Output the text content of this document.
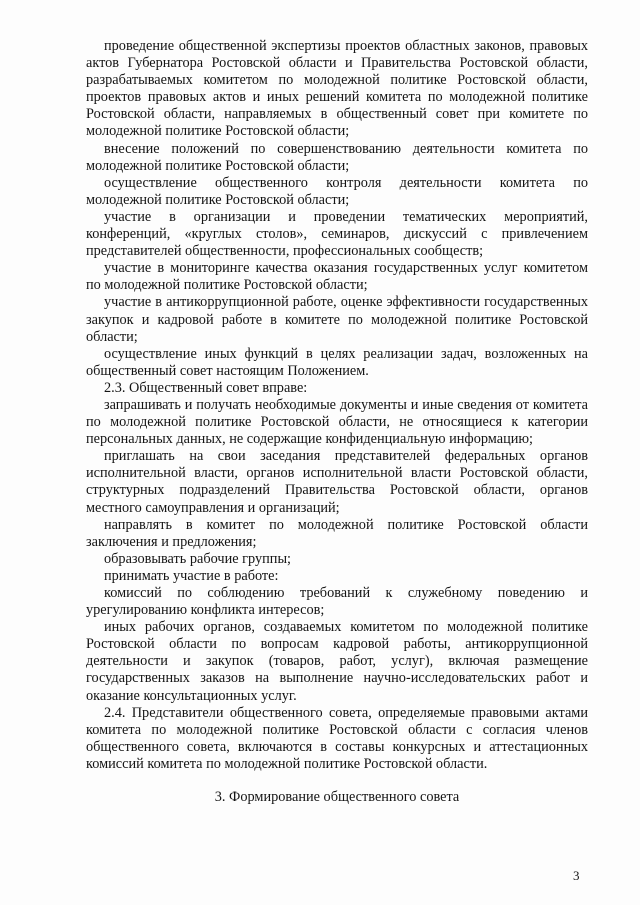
проведение общественной экспертизы проектов областных законов, правовых актов Губернатора Ростовской области и Правительства Ростовской области, разрабатываемых комитетом по молодежной политике Ростовской области, проектов правовых актов и иных решений комитета по молодежной политике Ростовской области, направляемых в общественный совет при комитете по молодежной политике Ростовской области;

внесение положений по совершенствованию деятельности комитета по молодежной политике Ростовской области;

осуществление общественного контроля деятельности комитета по молодежной политике Ростовской области;

участие в организации и проведении тематических мероприятий, конференций, «круглых столов», семинаров, дискуссий с привлечением представителей общественности, профессиональных сообществ;

участие в мониторинге качества оказания государственных услуг комитетом по молодежной политике Ростовской области;

участие в антикоррупционной работе, оценке эффективности государственных закупок и кадровой работе в комитете по молодежной политике Ростовской области;

осуществление иных функций в целях реализации задач, возложенных на общественный совет настоящим Положением.

2.3. Общественный совет вправе:

запрашивать и получать необходимые документы и иные сведения от комитета по молодежной политике Ростовской области, не относящиеся к категории персональных данных, не содержащие конфиденциальную информацию;

приглашать на свои заседания представителей федеральных органов исполнительной власти, органов исполнительной власти Ростовской области, структурных подразделений Правительства Ростовской области, органов местного самоуправления и организаций;

направлять в комитет по молодежной политике Ростовской области заключения и предложения;

образовывать рабочие группы;

принимать участие в работе:

комиссий по соблюдению требований к служебному поведению и урегулированию конфликта интересов;

иных рабочих органов, создаваемых комитетом по молодежной политике Ростовской области по вопросам кадровой работы, антикоррупционной деятельности и закупок (товаров, работ, услуг), включая размещение государственных заказов на выполнение научно-исследовательских работ и оказание консультационных услуг.

2.4. Представители общественного совета, определяемые правовыми актами комитета по молодежной политике Ростовской области с согласия членов общественного совета, включаются в составы конкурсных и аттестационных комиссий комитета по молодежной политике Ростовской области.

3. Формирование общественного совета

3
